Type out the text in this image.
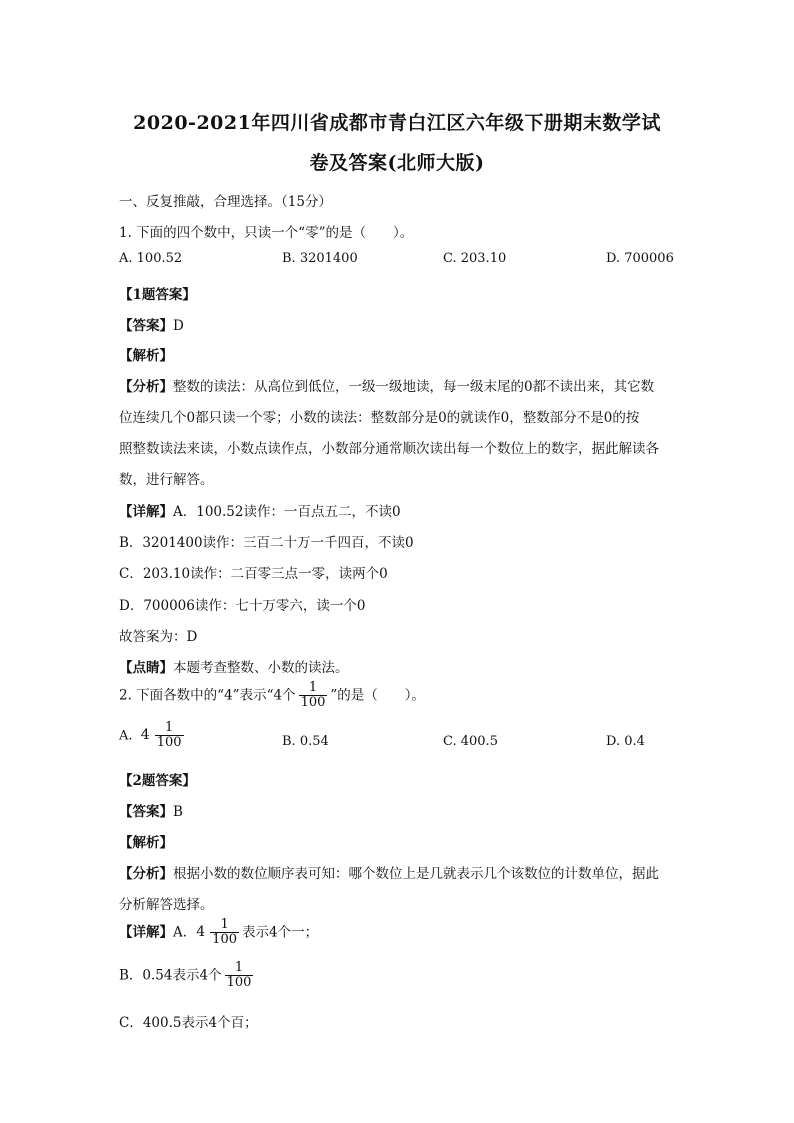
2020-2021年四川省成都市青白江区六年级下册期末数学试
卷及答案(北师大版)
一、反复推敲，合理选择。（15分）
1. 下面的四个数中，只读一个“零”的是（　　）。
A. 100.52	B. 3201400	C. 203.10	D. 700006
【1题答案】
【答案】D
【解析】
【分析】整数的读法：从高位到低位，一级一级地读，每一级末尾的0都不读出来，其它数
位连续几个0都只读一个零；小数的读法：整数部分是0的就读作0，整数部分不是0的按
照整数读法来读，小数点读作点，小数部分通常顺次读出每一个数位上的数字，据此解读各
数，进行解答。
【详解】A．100.52读作：一百点五二，不读0
B．3201400读作：三百二十万一千四百，不读0
C．203.10读作：二百零三点一零，读两个0
D．700006读作：七十万零六，读一个0
故答案为：D
【点睛】本题考查整数、小数的读法。
2. 下面各数中的“4”表示“4个 $\frac{1}{100}$ ”的是（　　）。
A. $4 \frac{1}{100}$	B. 0.54	C. 400.5	D. 0.4
【2题答案】
【答案】B
【解析】
【分析】根据小数的数位顺序表可知：哪个数位上是几就表示几个该数位的计数单位，据此
分析解答选择。
【详解】A．$4 \frac{1}{100}$ 表示4个一；
B．0.54表示4个 $\frac{1}{100}$
C．400.5表示4个百；
